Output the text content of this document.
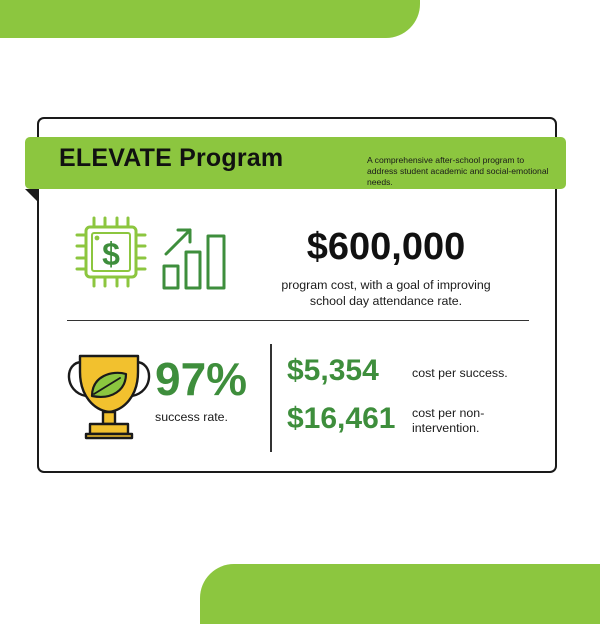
ELEVATE Program	A comprehensive after-school program to address student academic and social-emotional needs.
$	$600,000
program cost, with a goal of improving school day attendance rate.
97%
success rate.
$5,354	cost per success.
$16,461 cost per non-intervention.
